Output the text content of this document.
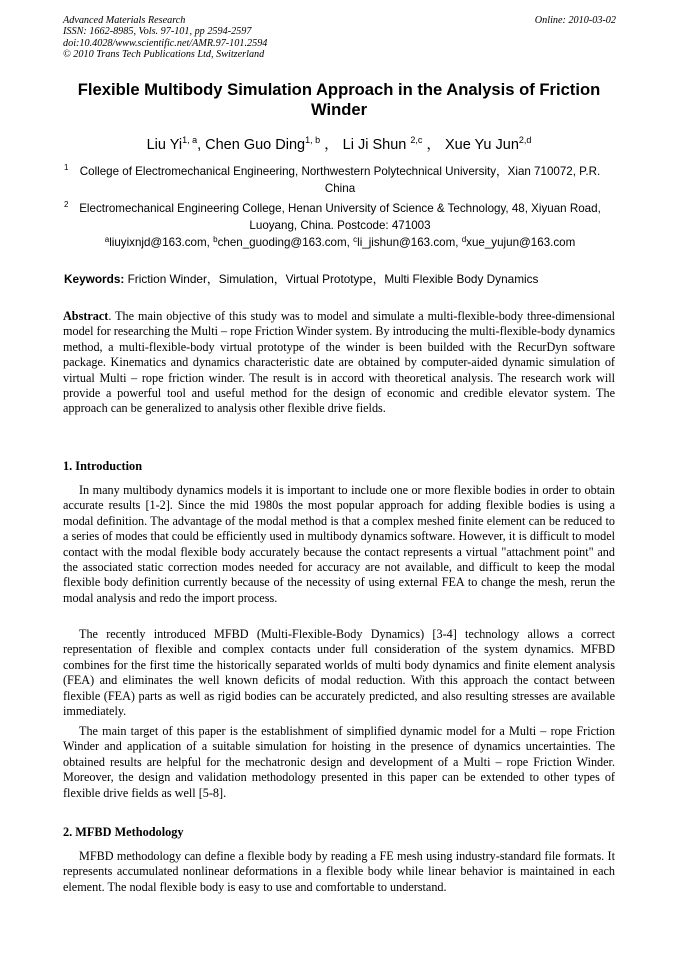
Advanced Materials Research
ISSN: 1662-8985, Vols. 97-101, pp 2594-2597
doi:10.4028/www.scientific.net/AMR.97-101.2594
© 2010 Trans Tech Publications Ltd, Switzerland
Online: 2010-03-02
Flexible Multibody Simulation Approach in the Analysis of Friction Winder
Liu Yi$^{1, a}$, Chen Guo Ding$^{1, b}$ ， Li Ji Shun $^{2,c}$ ， Xue Yu Jun$^{2,d}$
1 College of Electromechanical Engineering, Northwestern Polytechnical University，Xian 710072, P.R. China
2 Electromechanical Engineering College, Henan University of Science & Technology, 48, Xiyuan Road, Luoyang, China. Postcode: 471003
$^a$liuyixnjd@163.com, $^b$chen_guoding@163.com, $^c$li_jishun@163.com, $^d$xue_yujun@163.com
Keywords: Friction Winder，Simulation，Virtual Prototype，Multi Flexible Body Dynamics
Abstract. The main objective of this study was to model and simulate a multi-flexible-body three-dimensional model for researching the Multi – rope Friction Winder system. By introducing the multi-flexible-body dynamics method, a multi-flexible-body virtual prototype of the winder is been builded with the RecurDyn software package. Kinematics and dynamics characteristic date are obtained by computer-aided dynamic simulation of virtual Multi – rope friction winder. The result is in accord with theoretical analysis. The research work will provide a powerful tool and useful method for the design of economic and credible elevator system. The approach can be generalized to analysis other flexible drive fields.
1. Introduction
In many multibody dynamics models it is important to include one or more flexible bodies in order to obtain accurate results [1-2]. Since the mid 1980s the most popular approach for adding flexible bodies is using a modal definition. The advantage of the modal method is that a complex meshed finite element can be reduced to a series of modes that could be efficiently used in multibody dynamics software. However, it is difficult to model contact with the modal flexible body accurately because the contact represents a virtual "attachment point" and the associated static correction modes needed for accuracy are not available, and difficult to keep the modal flexible body definition currently because of the necessity of using external FEA to change the mesh, rerun the modal analysis and redo the import process.
The recently introduced MFBD (Multi-Flexible-Body Dynamics) [3-4] technology allows a correct representation of flexible and complex contacts under full consideration of the system dynamics. MFBD combines for the first time the historically separated worlds of multi body dynamics and finite element analysis (FEA) and eliminates the well known deficits of modal reduction. With this approach the contact between flexible (FEA) parts as well as rigid bodies can be accurately predicted, and also resulting stresses are available immediately.
The main target of this paper is the establishment of simplified dynamic model for a Multi – rope Friction Winder and application of a suitable simulation for hoisting in the presence of dynamics uncertainties. The obtained results are helpful for the mechatronic design and development of a Multi – rope Friction Winder. Moreover, the design and validation methodology presented in this paper can be extended to other types of flexible drive fields as well [5-8].
2. MFBD Methodology
MFBD methodology can define a flexible body by reading a FE mesh using industry-standard file formats. It represents accumulated nonlinear deformations in a flexible body while linear behavior is maintained in each element. The nodal flexible body is easy to use and comfortable to understand.
